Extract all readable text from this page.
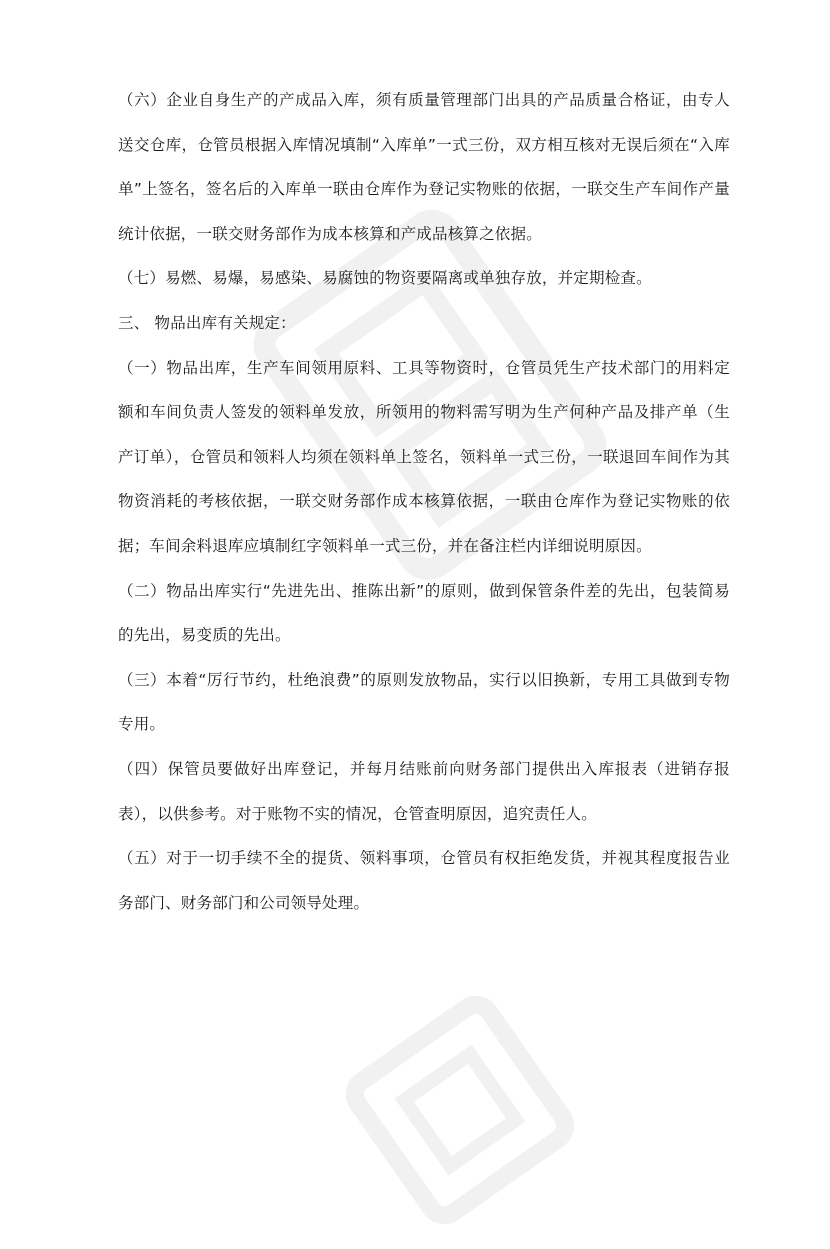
（六）企业自身生产的产成品入库，须有质量管理部门出具的产品质量合格证，由专人送交仓库，仓管员根据入库情况填制“入库单”一式三份，双方相互核对无误后须在“入库单”上签名，签名后的入库单一联由仓库作为登记实物账的依据，一联交生产车间作产量统计依据，一联交财务部作为成本核算和产成品核算之依据。

（七）易燃、易爆，易感染、易腐蚀的物资要隔离或单独存放，并定期检查。

三、 物品出库有关规定：

（一）物品出库，生产车间领用原料、工具等物资时，仓管员凭生产技术部门的用料定额和车间负责人签发的领料单发放，所领用的物料需写明为生产何种产品及排产单（生产订单），仓管员和领料人均须在领料单上签名，领料单一式三份，一联退回车间作为其物资消耗的考核依据，一联交财务部作成本核算依据，一联由仓库作为登记实物账的依据；车间余料退库应填制红字领料单一式三份，并在备注栏内详细说明原因。

（二）物品出库实行“先进先出、推陈出新”的原则，做到保管条件差的先出，包装简易的先出，易变质的先出。

（三）本着“厉行节约，杜绝浪费”的原则发放物品，实行以旧换新，专用工具做到专物专用。

（四）保管员要做好出库登记，并每月结账前向财务部门提供出入库报表（进销存报表），以供参考。对于账物不实的情况，仓管查明原因，追究责任人。

（五）对于一切手续不全的提货、领料事项，仓管员有权拒绝发货，并视其程度报告业务部门、财务部门和公司领导处理。
